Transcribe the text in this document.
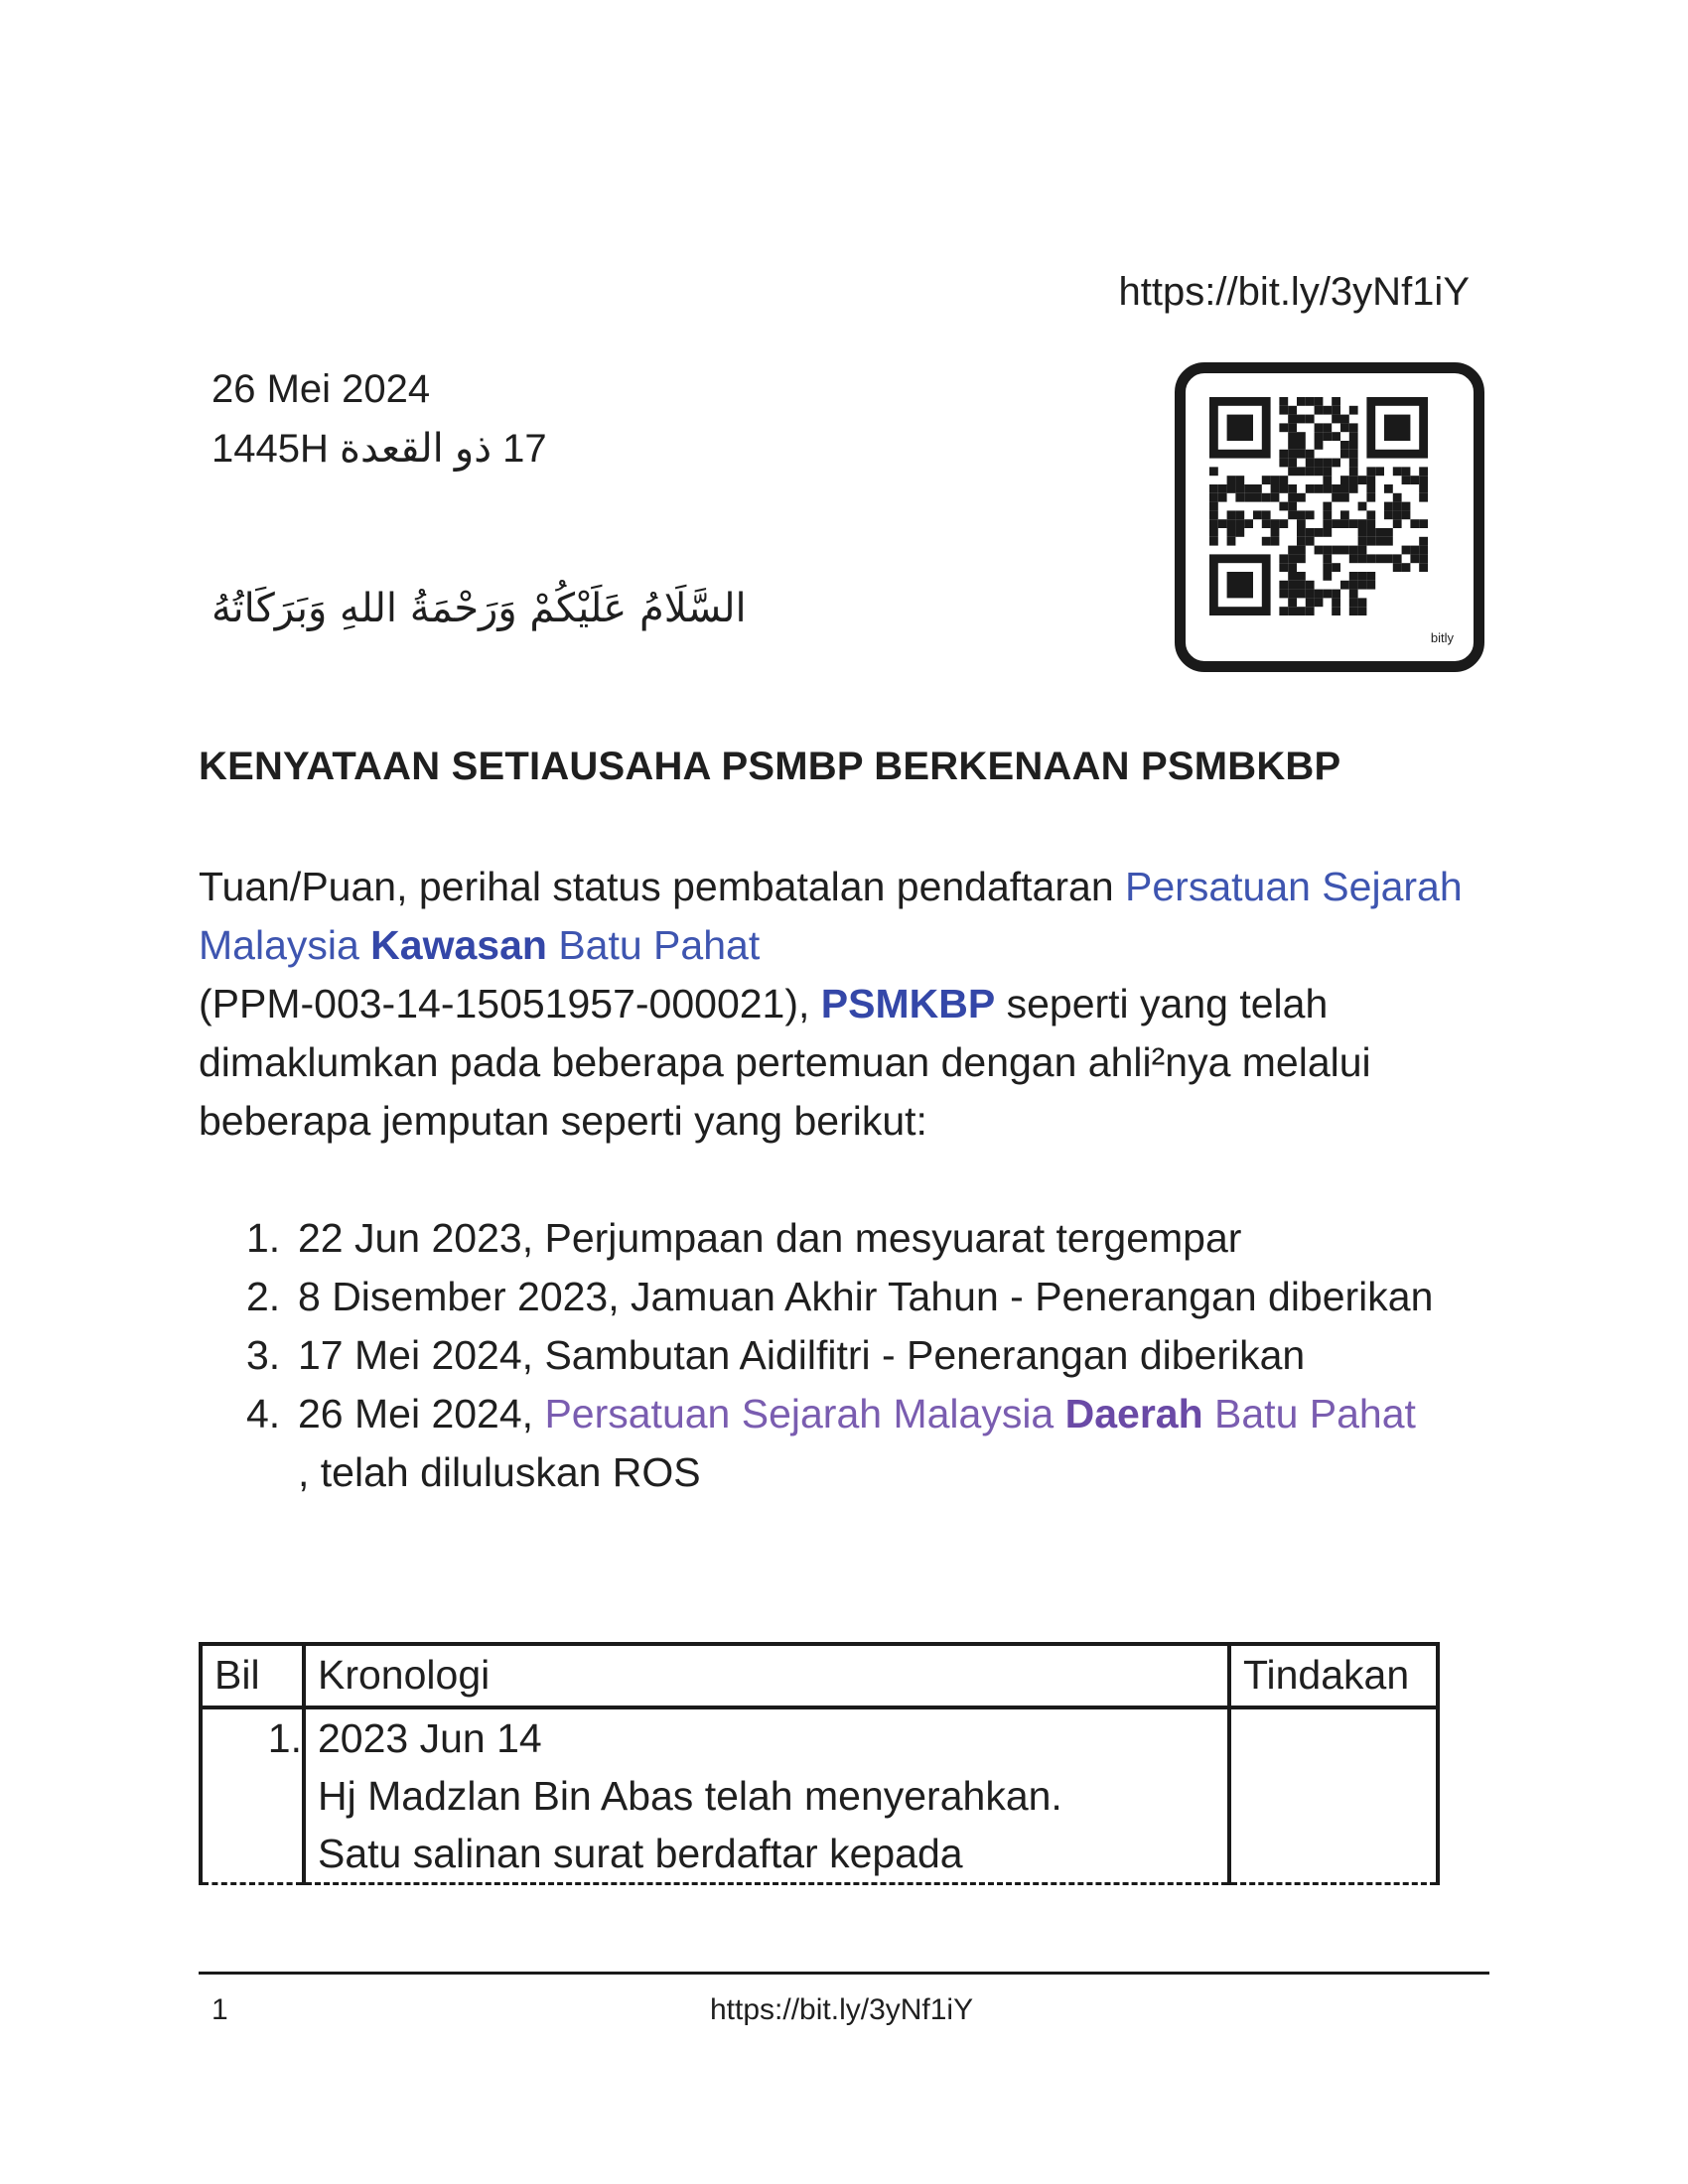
https://bit.ly/3yNf1iY
26 Mei 2024
17 ذو القعدة 1445H
السَّلَامُ عَلَيْكُمْ وَرَحْمَةُ اللهِ وَبَرَكَاتُهُ
bitly
KENYATAAN SETIAUSAHA PSMBP BERKENAAN PSMBKBP
Tuan/Puan, perihal status pembatalan pendaftaran Persatuan Sejarah Malaysia Kawasan Batu Pahat
(PPM-003-14-15051957-000021), PSMKBP seperti yang telah dimaklumkan pada beberapa pertemuan dengan ahli²nya melalui beberapa jemputan seperti yang berikut:
1. 22 Jun 2023, Perjumpaan dan mesyuarat tergempar
2. 8 Disember 2023, Jamuan Akhir Tahun - Penerangan diberikan
3. 17 Mei 2024, Sambutan Aidilfitri - Penerangan diberikan
4. 26 Mei 2024, Persatuan Sejarah Malaysia Daerah Batu Pahat
, telah diluluskan ROS
Bil	Kronologi	Tindakan
1.	2023 Jun 14
Hj Madzlan Bin Abas telah menyerahkan.
Satu salinan surat berdaftar kepada	

1	https://bit.ly/3yNf1iY
